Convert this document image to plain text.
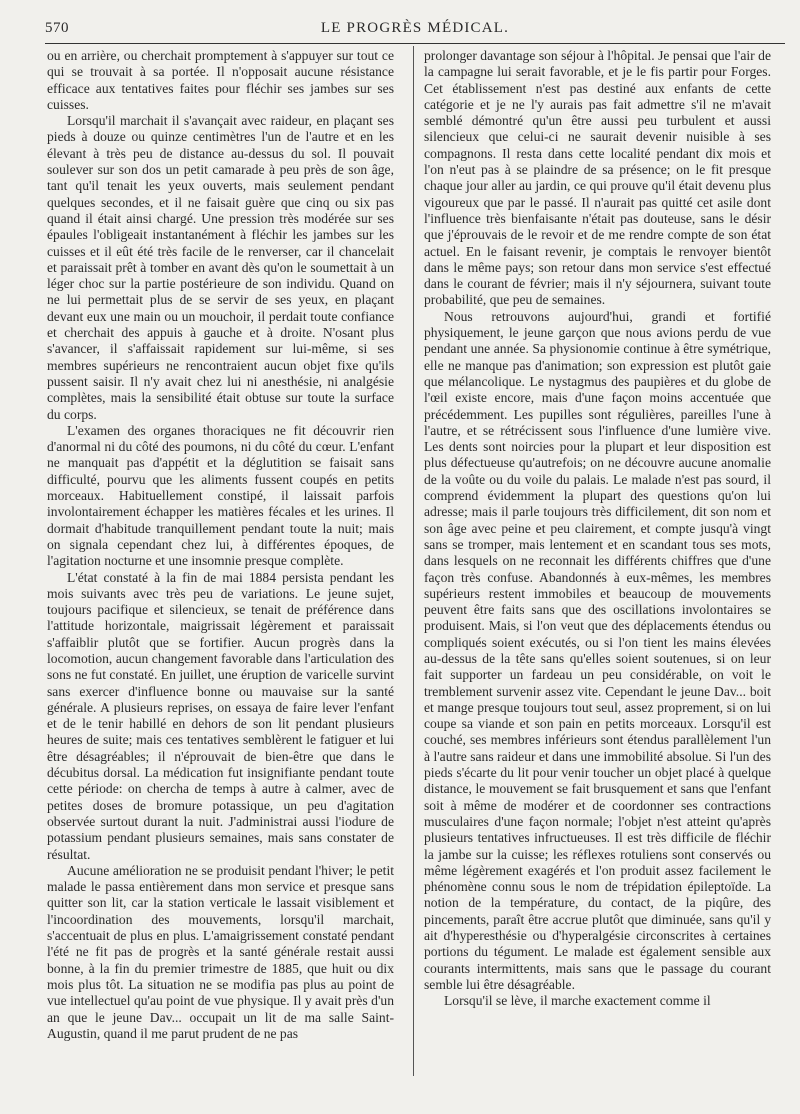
570	LE PROGRÈS MÉDICAL.

ou en arrière, ou cherchait promptement à s'appuyer sur tout ce qui se trouvait à sa portée. Il n'opposait aucune résistance efficace aux tentatives faites pour fléchir ses jambes sur ses cuisses.

Lorsqu'il marchait il s'avançait avec raideur, en plaçant ses pieds à douze ou quinze centimètres l'un de l'autre et en les élevant à très peu de distance au-dessus du sol. Il pouvait soulever sur son dos un petit camarade à peu près de son âge, tant qu'il tenait les yeux ouverts, mais seulement pendant quelques secondes, et il ne faisait guère que cinq ou six pas quand il était ainsi chargé. Une pression très modérée sur ses épaules l'obligeait instantanément à fléchir les jambes sur les cuisses et il eût été très facile de le renverser, car il chancelait et paraissait prêt à tomber en avant dès qu'on le soumettait à un léger choc sur la partie postérieure de son individu. Quand on ne lui permettait plus de se servir de ses yeux, en plaçant devant eux une main ou un mouchoir, il perdait toute confiance et cherchait des appuis à gauche et à droite. N'osant plus s'avancer, il s'affaissait rapidement sur lui-même, si ses membres supérieurs ne rencontraient aucun objet fixe qu'ils pussent saisir. Il n'y avait chez lui ni anesthésie, ni analgésie complètes, mais la sensibilité était obtuse sur toute la surface du corps.

L'examen des organes thoraciques ne fit découvrir rien d'anormal ni du côté des poumons, ni du côté du cœur. L'enfant ne manquait pas d'appétit et la déglutition se faisait sans difficulté, pourvu que les aliments fussent coupés en petits morceaux. Habituellement constipé, il laissait parfois involontairement échapper les matières fécales et les urines. Il dormait d'habitude tranquillement pendant toute la nuit; mais on signala cependant chez lui, à différentes époques, de l'agitation nocturne et une insomnie presque complète.

L'état constaté à la fin de mai 1884 persista pendant les mois suivants avec très peu de variations. Le jeune sujet, toujours pacifique et silencieux, se tenait de préférence dans l'attitude horizontale, maigrissait légèrement et paraissait s'affaiblir plutôt que se fortifier. Aucun progrès dans la locomotion, aucun changement favorable dans l'articulation des sons ne fut constaté. En juillet, une éruption de varicelle survint sans exercer d'influence bonne ou mauvaise sur la santé générale. A plusieurs reprises, on essaya de faire lever l'enfant et de le tenir habillé en dehors de son lit pendant plusieurs heures de suite; mais ces tentatives semblèrent le fatiguer et lui être désagréables; il n'éprouvait de bien-être que dans le décubitus dorsal. La médication fut insignifiante pendant toute cette période: on chercha de temps à autre à calmer, avec de petites doses de bromure potassique, un peu d'agitation observée surtout durant la nuit. J'administrai aussi l'iodure de potassium pendant plusieurs semaines, mais sans constater de résultat.

Aucune amélioration ne se produisit pendant l'hiver; le petit malade le passa entièrement dans mon service et presque sans quitter son lit, car la station verticale le lassait visiblement et l'incoordination des mouvements, lorsqu'il marchait, s'accentuait de plus en plus. L'amaigrissement constaté pendant l'été ne fit pas de progrès et la santé générale restait aussi bonne, à la fin du premier trimestre de 1885, que huit ou dix mois plus tôt. La situation ne se modifia pas plus au point de vue intellectuel qu'au point de vue physique. Il y avait près d'un an que le jeune Dav... occupait un lit de ma salle Saint-Augustin, quand il me parut prudent de ne pas

prolonger davantage son séjour à l'hôpital. Je pensai que l'air de la campagne lui serait favorable, et je le fis partir pour Forges. Cet établissement n'est pas destiné aux enfants de cette catégorie et je ne l'y aurais pas fait admettre s'il ne m'avait semblé démontré qu'un être aussi peu turbulent et aussi silencieux que celui-ci ne saurait devenir nuisible à ses compagnons. Il resta dans cette localité pendant dix mois et l'on n'eut pas à se plaindre de sa présence; on le fit presque chaque jour aller au jardin, ce qui prouve qu'il était devenu plus vigoureux que par le passé. Il n'aurait pas quitté cet asile dont l'influence très bienfaisante n'était pas douteuse, sans le désir que j'éprouvais de le revoir et de me rendre compte de son état actuel. En le faisant revenir, je comptais le renvoyer bientôt dans le même pays; son retour dans mon service s'est effectué dans le courant de février; mais il n'y séjournera, suivant toute probabilité, que peu de semaines.

Nous retrouvons aujourd'hui, grandi et fortifié physiquement, le jeune garçon que nous avions perdu de vue pendant une année. Sa physionomie continue à être symétrique, elle ne manque pas d'animation; son expression est plutôt gaie que mélancolique. Le nystagmus des paupières et du globe de l'œil existe encore, mais d'une façon moins accentuée que précédemment. Les pupilles sont régulières, pareilles l'une à l'autre, et se rétrécissent sous l'influence d'une lumière vive. Les dents sont noircies pour la plupart et leur disposition est plus défectueuse qu'autrefois; on ne découvre aucune anomalie de la voûte ou du voile du palais. Le malade n'est pas sourd, il comprend évidemment la plupart des questions qu'on lui adresse; mais il parle toujours très difficilement, dit son nom et son âge avec peine et peu clairement, et compte jusqu'à vingt sans se tromper, mais lentement et en scandant tous ses mots, dans lesquels on ne reconnait les différents chiffres que d'une façon très confuse. Abandonnés à eux-mêmes, les membres supérieurs restent immobiles et beaucoup de mouvements peuvent être faits sans que des oscillations involontaires se produisent. Mais, si l'on veut que des déplacements étendus ou compliqués soient exécutés, ou si l'on tient les mains élevées au-dessus de la tête sans qu'elles soient soutenues, si on leur fait supporter un fardeau un peu considérable, on voit le tremblement survenir assez vite. Cependant le jeune Dav... boit et mange presque toujours tout seul, assez proprement, si on lui coupe sa viande et son pain en petits morceaux. Lorsqu'il est couché, ses membres inférieurs sont étendus parallèlement l'un à l'autre sans raideur et dans une immobilité absolue. Si l'un des pieds s'écarte du lit pour venir toucher un objet placé à quelque distance, le mouvement se fait brusquement et sans que l'enfant soit à même de modérer et de coordonner ses contractions musculaires d'une façon normale; l'objet n'est atteint qu'après plusieurs tentatives infructueuses. Il est très difficile de fléchir la jambe sur la cuisse; les réflexes rotuliens sont conservés ou même légèrement exagérés et l'on produit assez facilement le phénomène connu sous le nom de trépidation épileptoïde. La notion de la température, du contact, de la piqûre, des pincements, paraît être accrue plutôt que diminuée, sans qu'il y ait d'hyperesthésie ou d'hyperalgésie circonscrites à certaines portions du tégument. Le malade est également sensible aux courants intermittents, mais sans que le passage du courant semble lui être désagréable.

Lorsqu'il se lève, il marche exactement comme il
